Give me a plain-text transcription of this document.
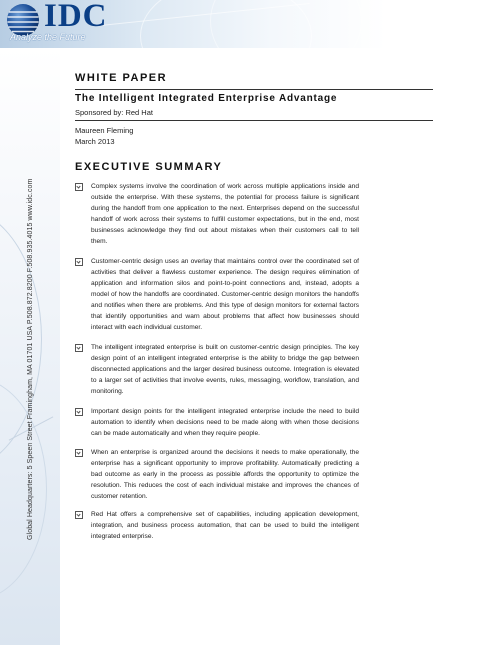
IDC
Analyze the Future
Global Headquarters: 5 Speen Street Framingham, MA 01701 USA P.508.872.8200 F.508.935.4015 www.idc.com
WHITE PAPER
The Intelligent Integrated Enterprise Advantage
Sponsored by: Red Hat
Maureen Fleming
March 2013
EXECUTIVE SUMMARY
Complex systems involve the coordination of work across multiple applications inside and outside the enterprise. With these systems, the potential for process failure is significant during the handoff from one application to the next. Enterprises depend on the successful handoff of work across their systems to fulfill customer expectations, but in the end, most businesses acknowledge they find out about mistakes when their customers call to tell them.
Customer-centric design uses an overlay that maintains control over the coordinated set of activities that deliver a flawless customer experience. The design requires elimination of application and information silos and point-to-point connections and, instead, adopts a model of how the handoffs are coordinated. Customer-centric design monitors the handoffs and notifies when there are problems. And this type of design monitors for external factors that identify opportunities and warn about problems that affect how businesses should interact with each individual customer.
The intelligent integrated enterprise is built on customer-centric design principles. The key design point of an intelligent integrated enterprise is the ability to bridge the gap between disconnected applications and the larger desired business outcome. Integration is elevated to a larger set of activities that involve events, rules, messaging, workflow, translation, and monitoring.
Important design points for the intelligent integrated enterprise include the need to build automation to identify when decisions need to be made along with when those decisions can be made automatically and when they require people.
When an enterprise is organized around the decisions it needs to make operationally, the enterprise has a significant opportunity to improve profitability. Automatically predicting a bad outcome as early in the process as possible affords the opportunity to optimize the resolution. This reduces the cost of each individual mistake and improves the chances of customer retention.
Red Hat offers a comprehensive set of capabilities, including application development, integration, and business process automation, that can be used to build the intelligent integrated enterprise.
